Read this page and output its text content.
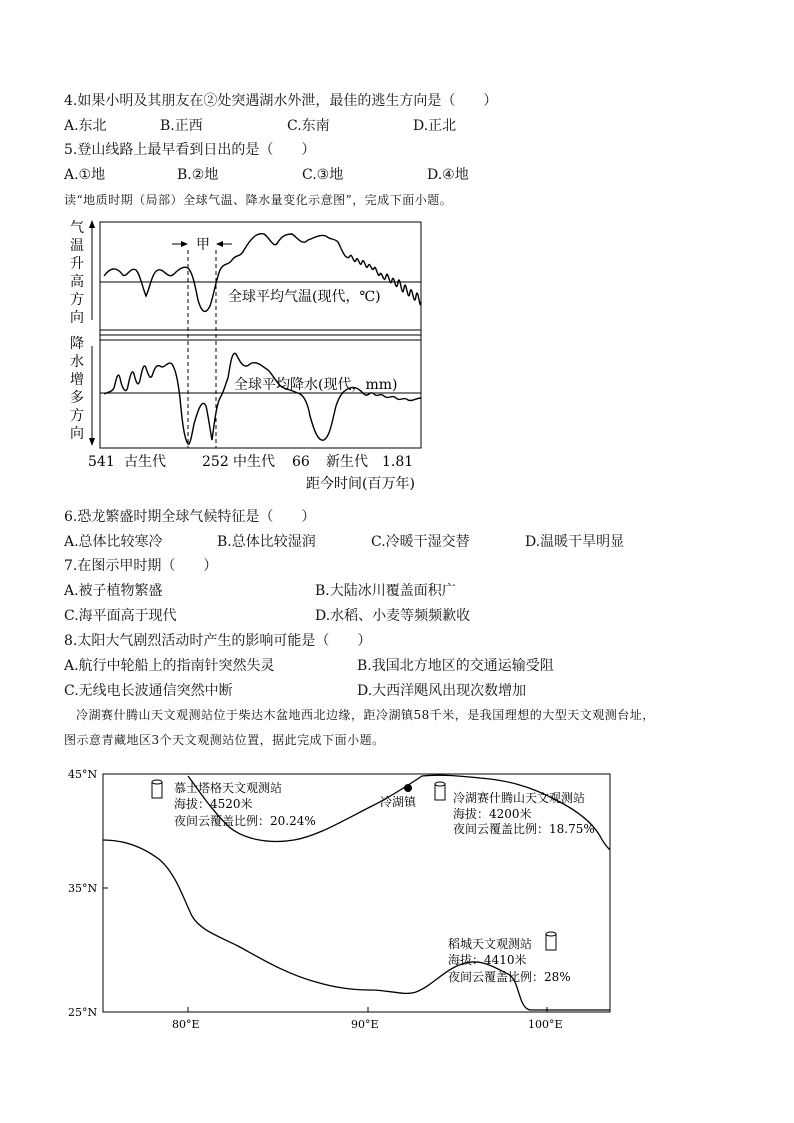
4.如果小明及其朋友在②处突遇湖水外泄，最佳的逃生方向是（　　）
A.东北	B.正西	C.东南	D.正北
5.登山线路上最早看到日出的是（　　）
A.①地	B.②地	C.③地	D.④地
读“地质时期（局部）全球气温、降水量变化示意图”，完成下面小题。
气
温
升
高
方
向
降
水
增
多
方
向
甲
全球平均气温(现代，℃)
全球平均降水(现代，mm)
541 古生代	252 中生代 66 新生代 1.81
距今时间(百万年)
6.恐龙繁盛时期全球气候特征是（　　）
A.总体比较寒冷	B.总体比较湿润	C.冷暖干湿交替	D.温暖干旱明显
7.在图示甲时期（　　）
A.被子植物繁盛	B.大陆冰川覆盖面积广
C.海平面高于现代	D.水稻、小麦等频频歉收
8.太阳大气剧烈活动时产生的影响可能是（　　）
A.航行中轮船上的指南针突然失灵	B.我国北方地区的交通运输受阻
C.无线电长波通信突然中断	D.大西洋飓风出现次数增加
冷湖赛什腾山天文观测站位于柴达木盆地西北边缘，距冷湖镇58千米，是我国理想的大型天文观测台址，
图示意青藏地区3个天文观测站位置，据此完成下面小题。
45°N
35°N
25°N
80°E	90°E	100°E
冷湖镇
慕士塔格天文观测站
海拔：4520米
夜间云覆盖比例：20.24%
冷湖赛什腾山天文观测站
海拔：4200米
夜间云覆盖比例：18.75%
稻城天文观测站
海拔：4410米
夜间云覆盖比例：28%
